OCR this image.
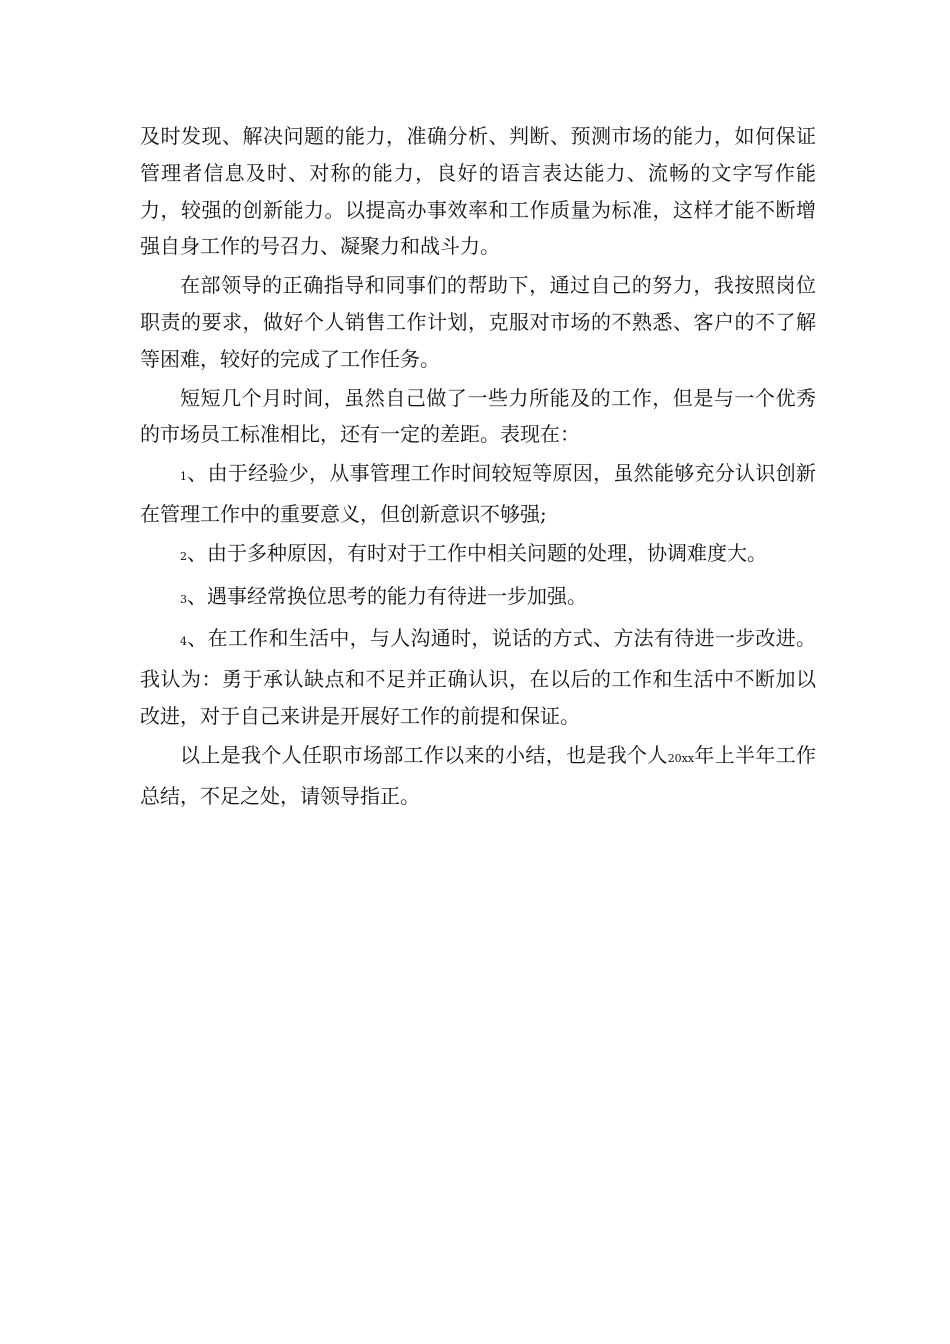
及时发现、解决问题的能力，准确分析、判断、预测市场的能力，如何保证管理者信息及时、对称的能力，良好的语言表达能力、流畅的文字写作能力，较强的创新能力。以提高办事效率和工作质量为标准，这样才能不断增强自身工作的号召力、凝聚力和战斗力。

在部领导的正确指导和同事们的帮助下，通过自己的努力，我按照岗位职责的要求，做好个人销售工作计划，克服对市场的不熟悉、客户的不了解等困难，较好的完成了工作任务。

短短几个月时间，虽然自己做了一些力所能及的工作，但是与一个优秀的市场员工标准相比，还有一定的差距。表现在：

1、由于经验少，从事管理工作时间较短等原因，虽然能够充分认识创新在管理工作中的重要意义，但创新意识不够强;

2、由于多种原因，有时对于工作中相关问题的处理，协调难度大。

3、遇事经常换位思考的能力有待进一步加强。

4、在工作和生活中，与人沟通时，说话的方式、方法有待进一步改进。我认为：勇于承认缺点和不足并正确认识，在以后的工作和生活中不断加以改进，对于自己来讲是开展好工作的前提和保证。

以上是我个人任职市场部工作以来的小结，也是我个人20xx年上半年工作总结，不足之处，请领导指正。
